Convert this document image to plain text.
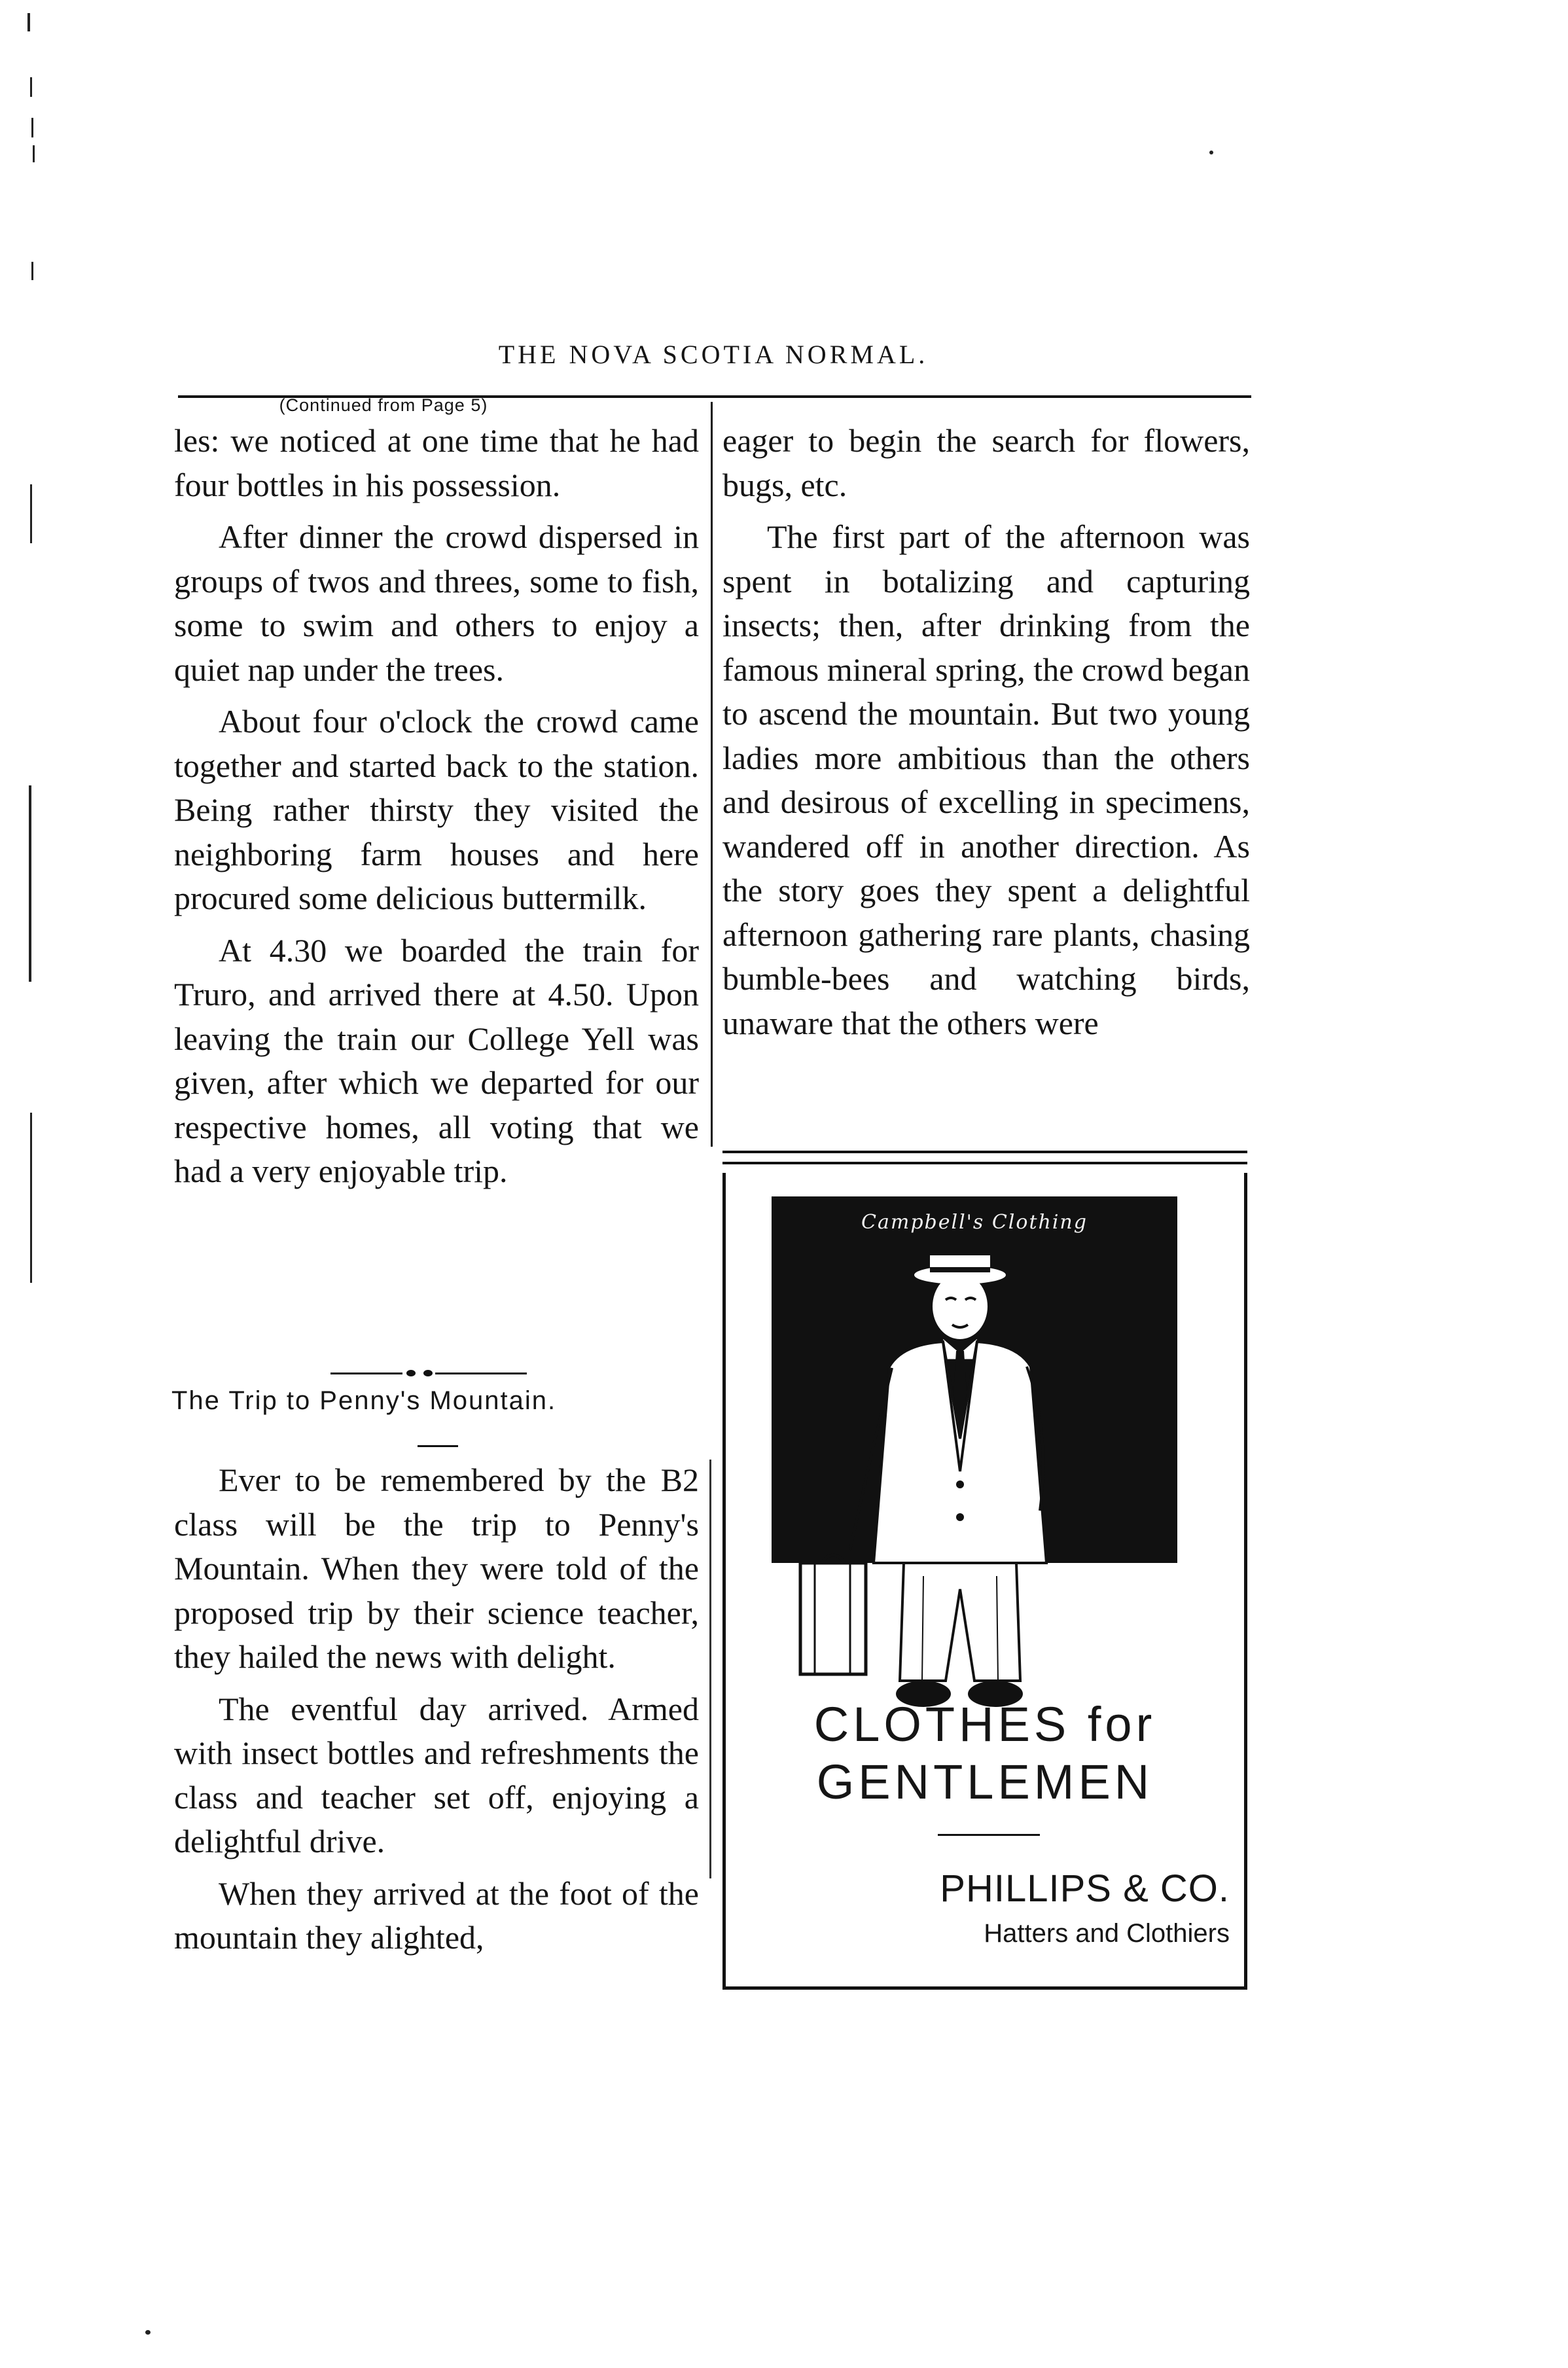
THE NOVA SCOTIA NORMAL.
(Continued from Page 5)

les: we noticed at one time that he had four bottles in his possession.

After dinner the crowd dispersed in groups of twos and threes, some to fish, some to swim and others to enjoy a quiet nap under the trees.

About four o'clock the crowd came together and started back to the station. Being rather thirsty they visited the neighboring farm houses and here procured some delicious buttermilk.

At 4.30 we boarded the train for Truro, and arrived there at 4.50. Upon leaving the train our College Yell was given, after which we departed for our respective homes, all voting that we had a very enjoyable trip.

The Trip to Penny's Mountain.

Ever to be remembered by the B2 class will be the trip to Penny's Mountain. When they were told of the proposed trip by their science teacher, they hailed the news with delight.

The eventful day arrived. Armed with insect bottles and refreshments the class and teacher set off, enjoying a delightful drive.

When they arrived at the foot of the mountain they alighted,

eager to begin the search for flowers, bugs, etc.

The first part of the afternoon was spent in botalizing and capturing insects; then, after drinking from the famous mineral spring, the crowd began to ascend the mountain. But two young ladies more ambitious than the others and desirous of excelling in specimens, wandered off in another direction. As the story goes they spent a delightful afternoon gathering rare plants, chasing bumble-bees and watching birds, unaware that the others were

Campbell's Clothing
CLOTHES for
GENTLEMEN
PHILLIPS & CO.
Hatters and Clothiers
